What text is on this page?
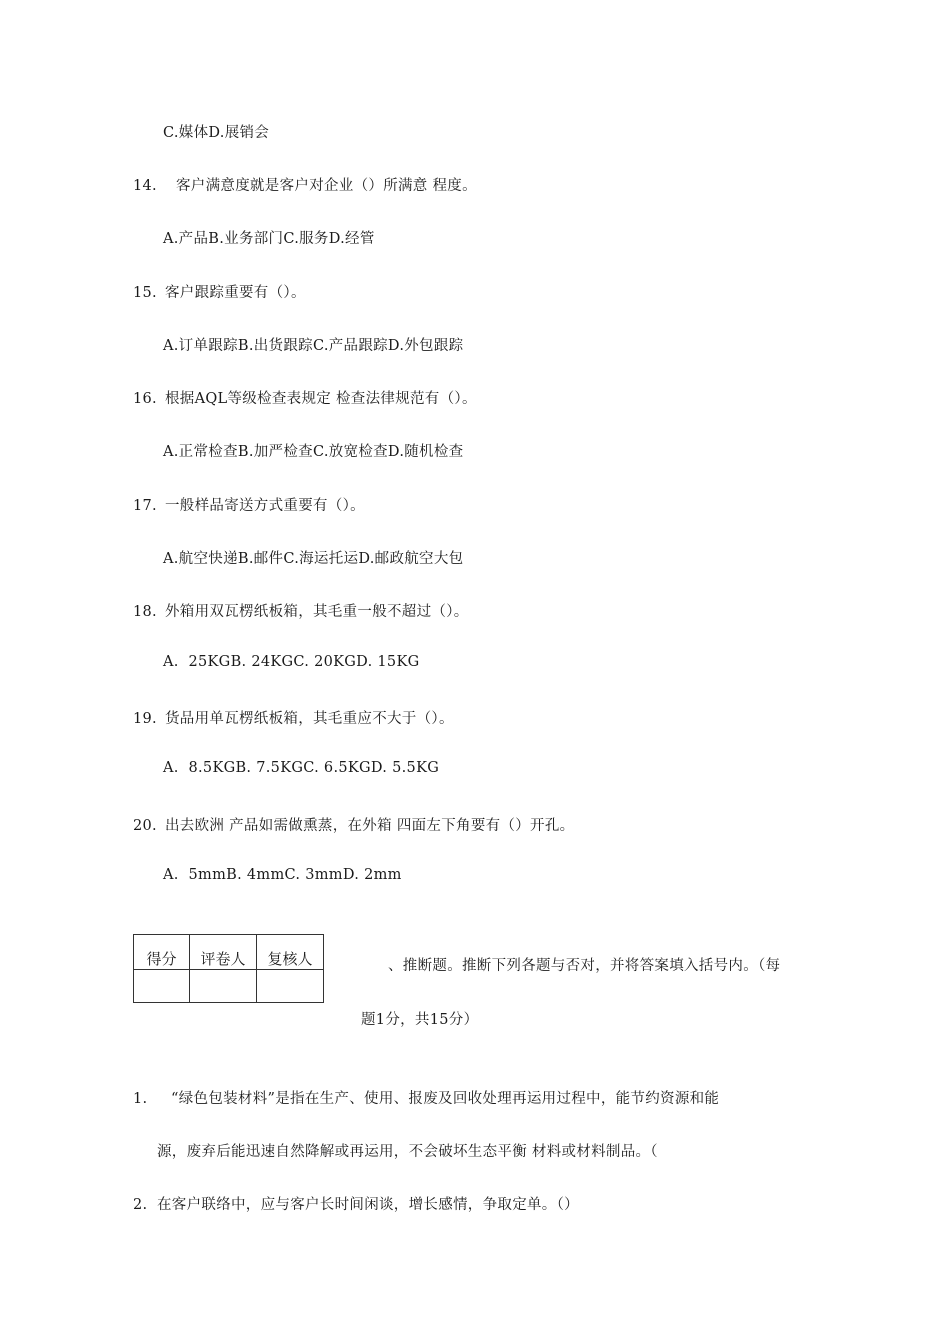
C.媒体D.展销会
14. 客户满意度就是客户对企业（）所满意 程度。
A.产品B.业务部门C.服务D.经管
15. 客户跟踪重要有（）。
A.订单跟踪B.出货跟踪C.产品跟踪D.外包跟踪
16. 根据AQL等级检查表规定 检查法律规范有（）。
A.正常检查B.加严检查C.放宽检查D.随机检查
17. 一般样品寄送方式重要有（）。
A.航空快递B.邮件C.海运托运D.邮政航空大包
18. 外箱用双瓦楞纸板箱，其毛重一般不超过（）。
A.  25KGB. 24KGC. 20KGD. 15KG
19. 货品用单瓦楞纸板箱，其毛重应不大于（）。
A.  8.5KGB. 7.5KGC. 6.5KGD. 5.5KG
20. 出去欧洲 产品如需做熏蒸，在外箱 四面左下角要有（）开孔。
A.  5mmB. 4mmC. 3mmD. 2mm
得分	评卷人	复核人
			、推断题。推断下列各题与否对，并将答案填入括号内。（每
题1分，共15分）
1. “绿色包装材料”是指在生产、使用、报废及回收处理再运用过程中，能节约资源和能
源，废弃后能迅速自然降解或再运用，不会破坏生态平衡 材料或材料制品。（
2. 在客户联络中，应与客户长时间闲谈，增长感情，争取定单。（）
